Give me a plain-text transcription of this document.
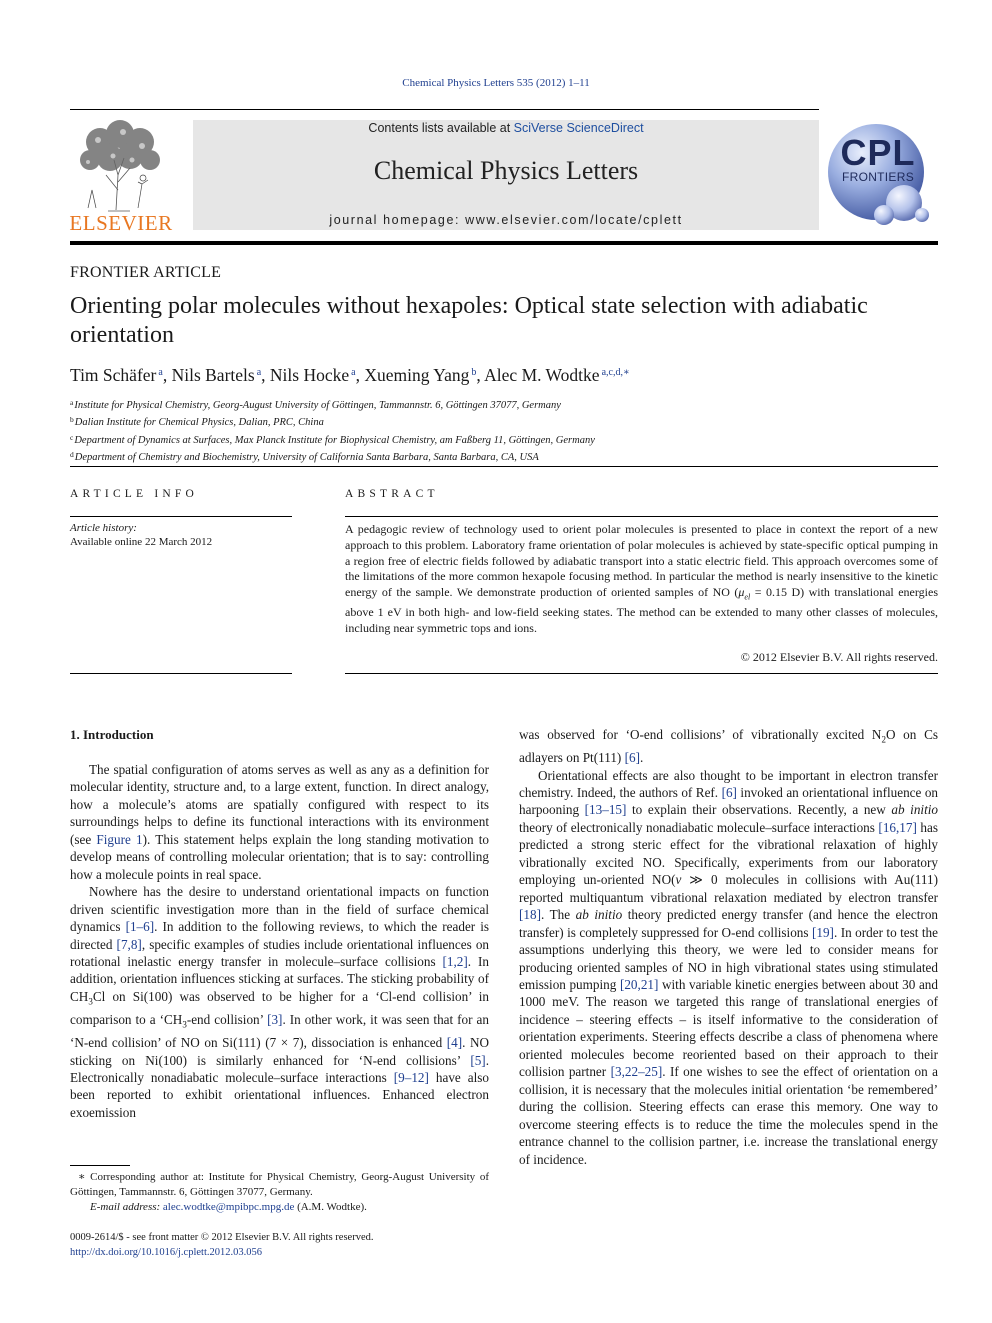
Chemical Physics Letters 535 (2012) 1–11
ELSEVIER
Contents lists available at SciVerse ScienceDirect
Chemical Physics Letters
journal homepage: www.elsevier.com/locate/cplett
CPL
FRONTIERS
FRONTIER ARTICLE
Orienting polar molecules without hexapoles: Optical state selection with adiabatic orientation
Tim Schäfer $^a$, Nils Bartels $^a$, Nils Hocke $^a$, Xueming Yang $^b$, Alec M. Wodtke $^{a,c,d,∗}$
$^a$Institute for Physical Chemistry, Georg-August University of Göttingen, Tammannstr. 6, Göttingen 37077, Germany
$^b$Dalian Institute for Chemical Physics, Dalian, PRC, China
$^c$Department of Dynamics at Surfaces, Max Planck Institute for Biophysical Chemistry, am Faßberg 11, Göttingen, Germany
$^d$Department of Chemistry and Biochemistry, University of California Santa Barbara, Santa Barbara, CA, USA
ARTICLE INFO
Article history:
Available online 22 March 2012
ABSTRACT
A pedagogic review of technology used to orient polar molecules is presented to place in context the report of a new approach to this problem. Laboratory frame orientation of polar molecules is achieved by state-specific optical pumping in a region free of electric fields followed by adiabatic transport into a static electric field. This approach overcomes some of the limitations of the more common hexapole focusing method. In particular the method is nearly insensitive to the kinetic energy of the sample. We demonstrate production of oriented samples of NO ($\mu_{el} = 0.15$ D) with translational energies above 1 eV in both high- and low-field seeking states. The method can be extended to many other classes of molecules, including near symmetric tops and ions.
© 2012 Elsevier B.V. All rights reserved.
1. Introduction

The spatial configuration of atoms serves as well as any as a definition for molecular identity, structure and, to a large extent, function. In direct analogy, how a molecule’s atoms are spatially configured with respect to its surroundings helps to define its functional interactions with its environment (see Figure 1). This statement helps explain the long standing motivation to develop means of controlling molecular orientation; that is to say: controlling how a molecule points in real space.

Nowhere has the desire to understand orientational impacts on function driven scientific investigation more than in the field of surface chemical dynamics [1–6]. In addition to the following reviews, to which the reader is directed [7,8], specific examples of studies include orientational influences on rotational inelastic energy transfer in molecule–surface collisions [1,2]. In addition, orientation influences sticking at surfaces. The sticking probability of $CH_3Cl$ on Si(100) was observed to be higher for a ‘Cl-end collision’ in comparison to a ‘$CH_3$-end collision’ [3]. In other work, it was seen that for an ‘N-end collision’ of NO on Si(111) (7 × 7), dissociation is enhanced [4]. NO sticking on Ni(100) is similarly enhanced for ‘N-end collisions’ [5]. Electronically nonadiabatic molecule–surface interactions [9–12] have also been reported to exhibit orientational influences. Enhanced electron exoemission

was observed for ‘O-end collisions’ of vibrationally excited $N_2O$ on Cs adlayers on Pt(111) [6].

Orientational effects are also thought to be important in electron transfer chemistry. Indeed, the authors of Ref. [6] invoked an orientational influence on harpooning [13–15] to explain their observations. Recently, a new ab initio theory of electronically nonadiabatic molecule–surface interactions [16,17] has predicted a strong steric effect for the vibrational relaxation of highly vibrationally excited NO. Specifically, experiments from our laboratory employing un-oriented NO(v ≫ 0 molecules in collisions with Au(111) reported multiquantum vibrational relaxation mediated by electron transfer [18]. The ab initio theory predicted energy transfer (and hence the electron transfer) is completely suppressed for O-end collisions [19]. In order to test the assumptions underlying this theory, we were led to consider means for producing oriented samples of NO in high vibrational states using stimulated emission pumping [20,21] with variable kinetic energies between about 30 and 1000 meV. The reason we targeted this range of translational energies of incidence – steering effects – is itself informative to the consideration of orientation experiments. Steering effects describe a class of phenomena where oriented molecules become reoriented based on their approach to their collision partner [3,22–25]. If one wishes to see the effect of orientation on a collision, it is necessary that the molecules initial orientation ‘be remembered’ during the collision. Steering effects can erase this memory. One way to overcome steering effects is to reduce the time the molecules spend in the entrance channel to the collision partner, i.e. increase the translational energy of incidence.

∗ Corresponding author at: Institute for Physical Chemistry, Georg-August University of Göttingen, Tammannstr. 6, Göttingen 37077, Germany.
E-mail address: alec.wodtke@mpibpc.mpg.de (A.M. Wodtke).
0009-2614/$ - see front matter © 2012 Elsevier B.V. All rights reserved.
http://dx.doi.org/10.1016/j.cplett.2012.03.056
